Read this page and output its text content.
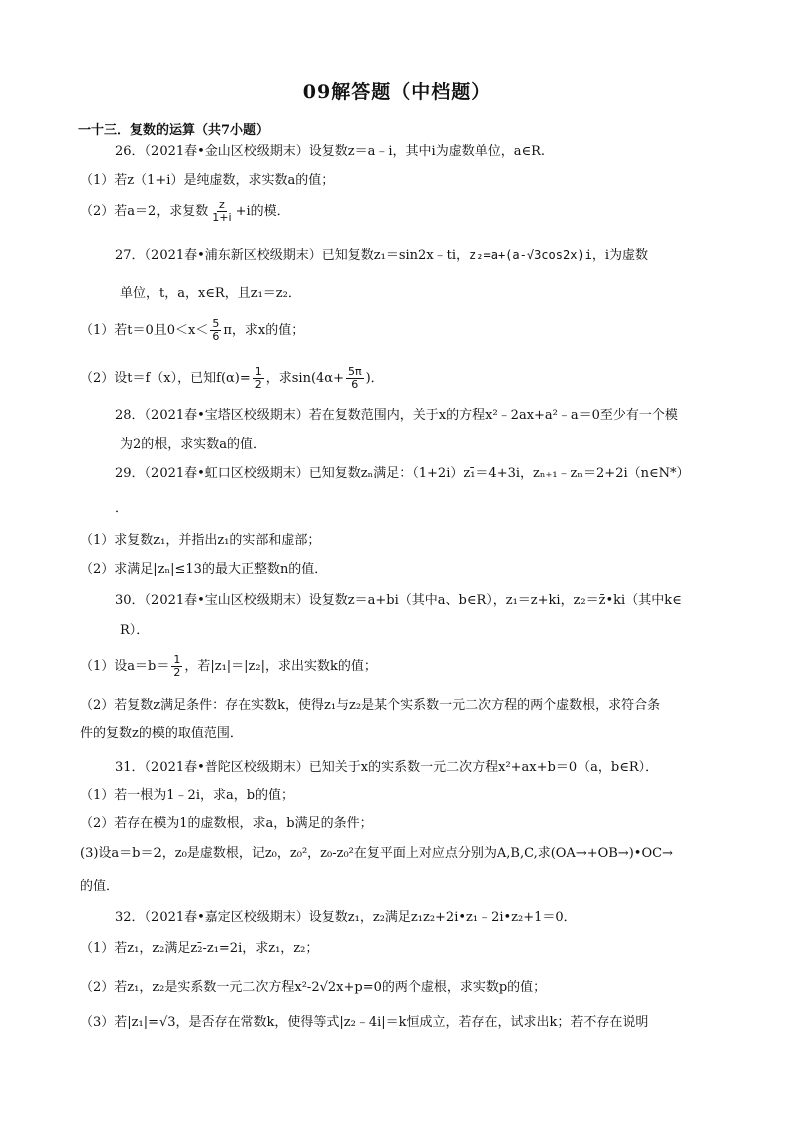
09解答题（中档题）
一十三．复数的运算（共7小题）
26．（2021春•金山区校级期末）设复数z＝a﹣i，其中i为虚数单位，a∈R.
（1）若z（1+i）是纯虚数，求实数a的值；
（2）若a＝2，求复数 $\frac{z}{1+i} +i$的模．
27．（2021春•浦东新区校级期末）已知复数z₁＝sin2x﹣ti，z₂=a+(a-√3cos2x)i，i为虚数
单位，t，a，x∈R，且z₁＝z₂．
（1）若t＝0且$0<x< \frac{5}{6}$ π，求x的值；
（2）设t＝f（x），已知$f(\alpha)= \frac{1}{2}$ ，求$\sin(4\alpha+ \frac{5\pi}{6}$ )．
28．（2021春•宝塔区校级期末）若在复数范围内，关于x的方程x²﹣2ax+a²﹣a＝0至少有一个模
为2的根，求实数a的值．
29．（2021春•虹口区校级期末）已知复数zₙ满足：（1+2i）z₁̄＝4+3i，zₙ₊₁﹣zₙ＝2+2i（n∈N*）
．
（1）求复数z₁，并指出z₁的实部和虚部；
（2）求满足|zₙ|≤13的最大正整数n的值．
30．（2021春•宝山区校级期末）设复数z＝a+bi（其中a、b∈R），z₁＝z+ki，z₂＝z̄•ki（其中k∈
R）．
（1）设$a=b= \frac{1}{2}$ ，若|z₁|＝|z₂|，求出实数k的值；
（2）若复数z满足条件：存在实数k，使得z₁与z₂是某个实系数一元二次方程的两个虚数根，求符合条
件的复数z的模的取值范围．
31．（2021春•普陀区校级期末）已知关于x的实系数一元二次方程x²+ax+b＝0（a，b∈R）．
（1）若一根为1﹣2i，求a，b的值；
（2）若存在模为1的虚数根，求a，b满足的条件；
(3)设a＝b＝2，z₀是虚数根，记z₀，z₀²，z₀-z₀²在复平面上对应点分别为A,B,C,求(OA→+OB→)•OC→
的值．
32．（2021春•嘉定区校级期末）设复数z₁，z₂满足z₁z₂+2i•z₁﹣2i•z₂+1＝0．
（1）若z₁，z₂满足z₂̄-z₁=2i，求z₁，z₂；
（2）若z₁，z₂是实系数一元二次方程x²-2√2x+p=0的两个虚根，求实数p的值；
（3）若|z₁|=√3，是否存在常数k，使得等式|z₂﹣4i|＝k恒成立，若存在，试求出k；若不存在说明
